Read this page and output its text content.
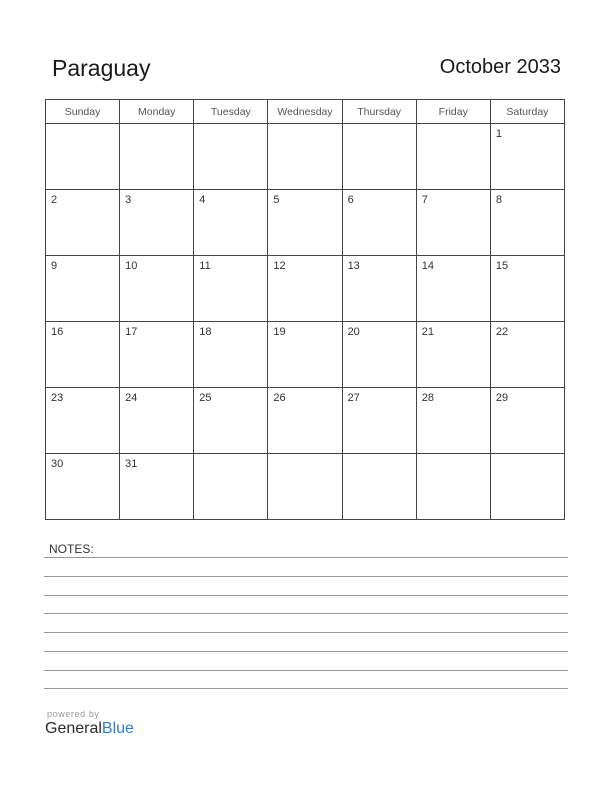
Paraguay	October 2033
Sunday	Monday	Tuesday	Wednesday	Thursday	Friday	Saturday

						1

2	3	4	5	6	7	8

9	10	11	12	13	14	15

16	17	18	19	20	21	22

23	24	25	26	27	28	29

30	31					

NOTES:
powered by
GeneralBlue
